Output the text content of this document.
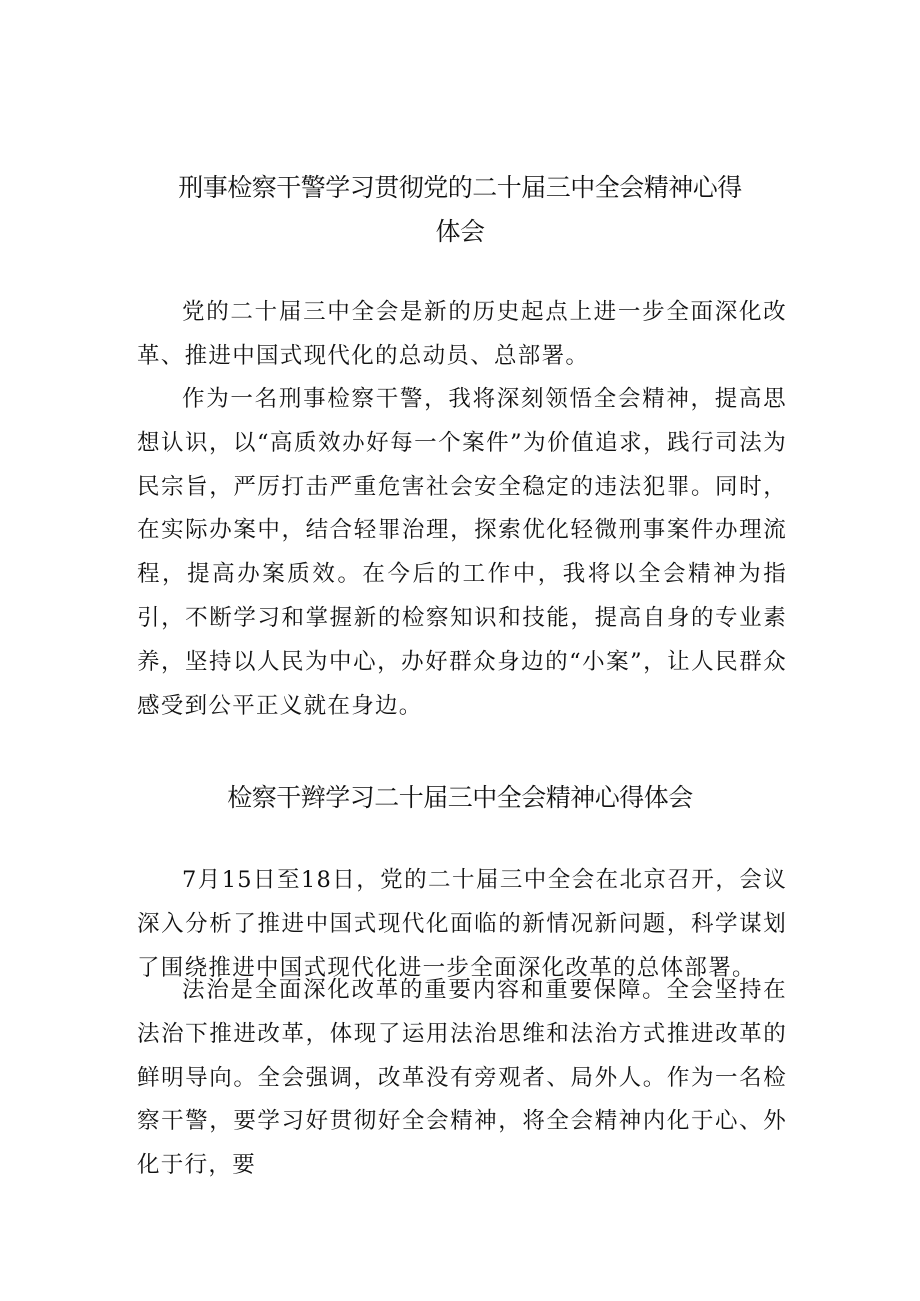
刑事检察干警学习贯彻党的二十届三中全会精神心得
体会

党的二十届三中全会是新的历史起点上进一步全面深化改革、推进中国式现代化的总动员、总部署。

作为一名刑事检察干警，我将深刻领悟全会精神，提高思想认识，以“高质效办好每一个案件”为价值追求，践行司法为民宗旨，严厉打击严重危害社会安全稳定的违法犯罪。同时，在实际办案中，结合轻罪治理，探索优化轻微刑事案件办理流程，提高办案质效。在今后的工作中，我将以全会精神为指引，不断学习和掌握新的检察知识和技能，提高自身的专业素养，坚持以人民为中心，办好群众身边的“小案”，让人民群众感受到公平正义就在身边。

检察干辫学习二十届三中全会精神心得体会

7月15日至18日，党的二十届三中全会在北京召开，会议深入分析了推进中国式现代化面临的新情况新问题，科学谋划了围绕推进中国式现代化进一步全面深化改革的总体部署。

法治是全面深化改革的重要内容和重要保障。全会坚持在法治下推进改革，体现了运用法治思维和法治方式推进改革的鲜明导向。全会强调，改革没有旁观者、局外人。作为一名检察干警，要学习好贯彻好全会精神，将全会精神内化于心、外化于行，要
